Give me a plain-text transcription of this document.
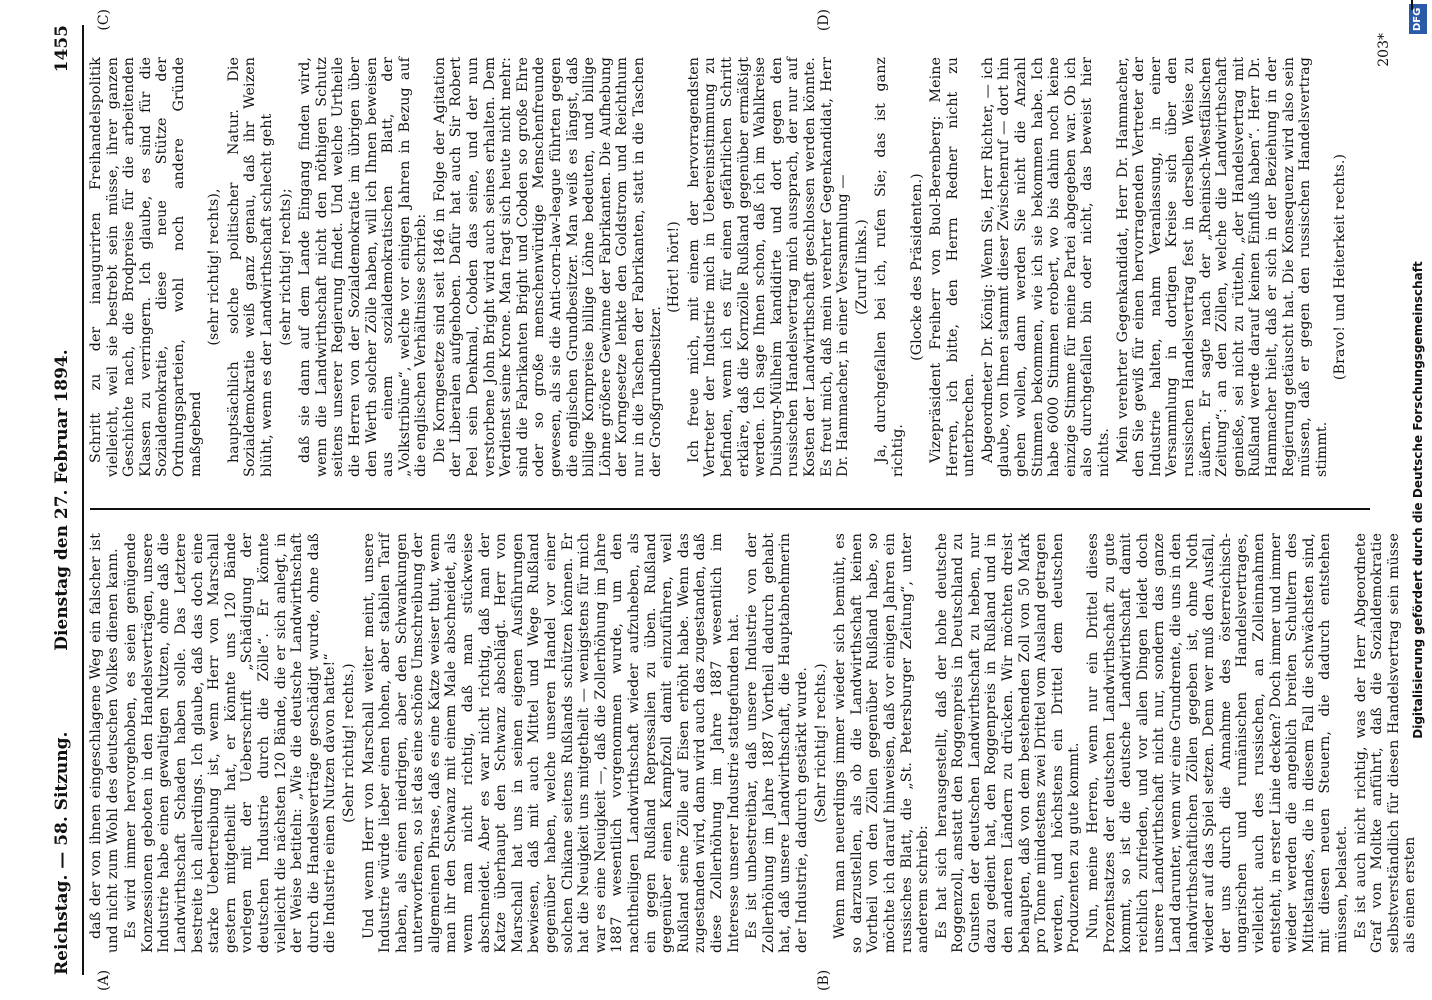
Reichstag. — 58. Sitzung.
Dienstag den 27. Februar 1894.
1455
(A)	(B)
(C)	(D)

daß der von ihnen eingeschlagene Weg ein falscher ist und nicht zum Wohl des deutschen Volkes dienen kann. Es wird immer hervorgehoben, es seien genügende Konzessionen geboten in den Handelsverträgen, unsere Industrie habe einen gewaltigen Nutzen, ohne daß die Landwirthschaft Schaden haben solle. Das Letztere bestreite ich allerdings. Ich glaube, daß das doch eine starke Uebertreibung ist, wenn Herr von Marschall gestern mitgetheilt hat, er könnte uns 120 Bände vorlegen mit der Ueberschrift „Schädigung der deutschen Industrie durch die Zölle“. Er könnte vielleicht die nächsten 120 Bände, die er sich anlegt, in der Weise betiteln: „Wie die deutsche Landwirthschaft durch die Handelsverträge geschädigt wurde, ohne daß die Industrie einen Nutzen davon hatte!“ (Sehr richtig! rechts.) Und wenn Herr von Marschall weiter meint, unsere Industrie würde lieber einen hohen, aber stabilen Tarif haben, als einen niedrigen, aber den Schwankungen unterworfenen, so ist das eine schöne Umschreibung der allgemeinen Phrase, daß es eine Katze weiser thut, wenn man ihr den Schwanz mit einem Male abschneidet, als wenn man nicht richtig, daß man stückweise abschneidet. Aber es war nicht richtig, daß man der Katze überhaupt den Schwanz abschlägt. Herr von Marschall hat uns in seinen eigenen Ausführungen bewiesen, daß mit auch Mittel und Wege Rußland gegenüber haben, welche unseren Handel vor einer solchen Chikane seitens Rußlands schützen können. Er hat die Neuigkeit uns mitgetheilt — wenigstens für mich war es eine Neuigkeit —, daß die Zollerhöhung im Jahre 1887 wesentlich vorgenommen wurde, um den nachtheiligen Landwirthschaft wieder aufzuheben, als ein gegen Rußland Repressalien zu üben. Rußland gegenüber einen Kampfzoll damit einzuführen, weil Rußland seine Zölle auf Eisen erhöht habe. Wenn das zugestanden wird, dann wird auch das zugestanden, daß diese Zollerhöhung im Jahre 1887 wesentlich im Interesse unserer Industrie stattgefunden hat. Es ist unbestreitbar, daß unsere Industrie von der Zollerhöhung im Jahre 1887 Vortheil dadurch gehabt hat, daß unsere Landwirthschaft, die Hauptabnehmerin der Industrie, dadurch gestärkt wurde. (Sehr richtig! rechts.) Wenn man neuerdings immer wieder sich bemüht, es so darzustellen, als ob die Landwirthschaft keinen Vortheil von den Zöllen gegenüber Rußland habe, so möchte ich darauf hinweisen, daß vor einigen Jahren ein russisches Blatt, die „St. Petersburger Zeitung“, unter anderem schrieb: Es hat sich herausgestellt, daß der hohe deutsche Roggenzoll, anstatt den Roggenpreis in Deutschland zu Gunsten der deutschen Landwirthschaft zu heben, nur dazu gedient hat, den Roggenpreis in Rußland und in den anderen Ländern zu drücken. Wir möchten dreist behaupten, daß von dem bestehenden Zoll von 50 Mark pro Tonne mindestens zwei Drittel vom Ausland getragen werden, und höchstens ein Drittel dem deutschen Produzenten zu gute kommt. Nun, meine Herren, wenn nur ein Drittel dieses Prozentsatzes der deutschen Landwirthschaft zu gute kommt, so ist die deutsche Landwirthschaft damit reichlich zufrieden, und vor allen Dingen leidet doch unsere Landwirthschaft nicht nur, sondern das ganze Land darunter, wenn wir eine Grundrente, die uns in den landwirthschaftlichen Zöllen gegeben ist, ohne Noth wieder auf das Spiel setzen. Denn wer muß den Ausfall, der uns durch die Annahme des österreichisch-ungarischen und rumänischen Handelsvertrages, vielleicht auch des russischen, an Zolleinnahmen entsteht, in erster Linie decken? Doch immer und immer wieder werden die angeblich breiten Schultern des Mittelstandes, die in diesem Fall die schwächsten sind, mit diesen neuen Steuern, die dadurch entstehen müssen, belastet. Es ist auch nicht richtig, was der Herr Abgeordnete Graf von Moltke anführt, daß die Sozialdemokratie selbstverständlich für diesen Handelsvertrag sein müsse als einen ersten

Schritt zu der inaugurirten Freihandelspolitik vielleicht, weil sie bestrebt sein müsse, ihrer ganzen Geschichte nach, die Brodpreise für die arbeitenden Klassen zu verringern. Ich glaube, es sind für die Sozialdemokratie, diese neue Stütze der Ordnungsparteien, wohl noch andere Gründe maßgebend

(sehr richtig! rechts), hauptsächlich solche politischer Natur. Die Sozialdemokratie weiß ganz genau, daß ihr Weizen blüht, wenn es der Landwirthschaft schlecht geht (sehr richtig! rechts); daß sie dann auf dem Lande Eingang finden wird, wenn die Landwirthschaft nicht den nöthigen Schutz seitens unserer Regierung findet. Und welche Urtheile die Herren von der Sozialdemokratie im übrigen über den Werth solcher Zölle haben, will ich Ihnen beweisen aus einem sozialdemokratischen Blatt, der „Volkstribüne“, welche vor einigen Jahren in Bezug auf die englischen Verhältnisse schrieb: Die Korngesetze sind seit 1846 in Folge der Agitation der Liberalen aufgehoben. Dafür hat auch Sir Robert Peel sein Denkmal, Cobden das seine, und der nun verstorbene John Bright wird auch seines erhalten. Dem Verdienst seine Krone. Man fragt sich heute nicht mehr: sind die Fabrikanten Bright und Cobden so große Ehre oder so große menschenwürdige Menschenfreunde gewesen, als sie die Anti-corn-law-league führten gegen die englischen Grundbesitzer. Man weiß es längst, daß billige Kornpreise billige Löhne bedeuten, und billige Löhne größere Gewinne der Fabrikanten. Die Aufhebung der Korngesetze lenkte den Goldstrom und Reichthum nur in die Taschen der Fabrikanten, statt in die Taschen der Großgrundbesitzer.

(Hört! hört!) Ich freue mich, mit einem der hervorragendsten Vertreter der Industrie mich in Uebereinstimmung zu befinden, wenn ich es für einen gefährlichen Schritt erkläre, daß die Kornzölle Rußland gegenüber ermäßigt werden. Ich sage Ihnen schon, daß ich im Wahlkreise Duisburg-Mülheim kandidirte und dort gegen den russischen Handelsvertrag mich aussprach, der nur auf Kosten der Landwirthschaft geschlossen werden könnte. Es freut mich, daß mein verehrter Gegenkandidat, Herr Dr. Hammacher, in einer Versammlung — (Zuruf links.) Ja, durchgefallen bei ich, rufen Sie; das ist ganz richtig.

(Glocke des Präsidenten.) Vizepräsident Freiherr von Buol-Berenberg: Meine Herren, ich bitte, den Herrn Redner nicht zu unterbrechen. Abgeordneter Dr. König: Wenn Sie, Herr Richter, — ich glaube, von Ihnen stammt dieser Zwischenruf — dort hin gehen wollen, dann werden Sie nicht die Anzahl Stimmen bekommen, wie ich sie bekommen habe. Ich habe 6000 Stimmen erobert, wo bis dahin noch keine einzige Stimme für meine Partei abgegeben war. Ob ich also durchgefallen bin oder nicht, das beweist hier nichts. Mein verehrter Gegenkandidat, Herr Dr. Hammacher, den Sie gewiß für einen hervorragenden Vertreter der Industrie halten, nahm Veranlassung, in einer Versammlung in dortigen Kreise sich über den russischen Handelsvertrag fest in derselben Weise zu äußern. Er sagte nach der „Rheinisch-Westfälischen Zeitung“: an den Zöllen, welche die Landwirthschaft genieße, sei nicht zu rütteln, „der Handelsvertrag mit Rußland werde darauf keinen Einfluß haben“. Herr Dr. Hammacher hielt, daß er sich in der Beziehung in der Regierung getäuscht hat. Die Konsequenz wird also sein müssen, daß er gegen den russischen Handelsvertrag stimmt.

(Bravo! und Heiterkeit rechts.)

203*
DFG
Digitalisierung gefördert durch die Deutsche Forschungsgemeinschaft
